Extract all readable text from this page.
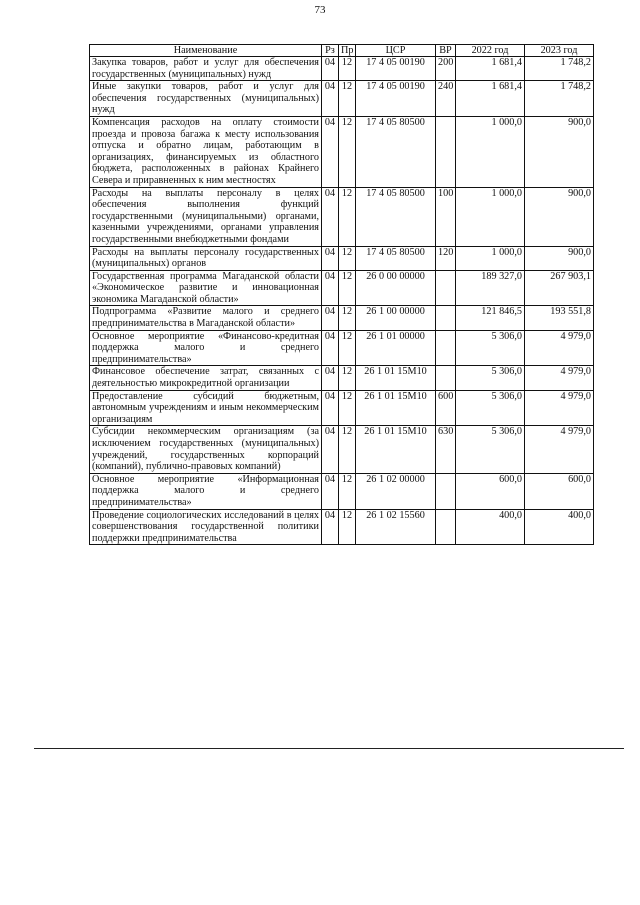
73
Наименование	Рз	Пр	ЦСР	ВР	2022 год	2023 год
Закупка товаров, работ и услуг для обеспечения государственных (муниципальных) нужд	04	12	17 4 05 00190	200	1 681,4	1 748,2
Иные закупки товаров, работ и услуг для обеспечения государственных (муниципальных) нужд	04	12	17 4 05 00190	240	1 681,4	1 748,2
Компенсация расходов на оплату стоимости проезда и провоза багажа к месту использования отпуска и обратно лицам, работающим в организациях, финансируемых из областного бюджета, расположенных в районах Крайнего Севера и приравненных к ним местностях	04	12	17 4 05 80500		1 000,0	900,0
Расходы на выплаты персоналу в целях обеспечения выполнения функций государственными (муниципальными) органами, казенными учреждениями, органами управления государственными внебюджетными фондами	04	12	17 4 05 80500	100	1 000,0	900,0
Расходы на выплаты персоналу государственных (муниципальных) органов	04	12	17 4 05 80500	120	1 000,0	900,0
Государственная программа Магаданской области «Экономическое развитие и инновационная экономика Магаданской области»	04	12	26 0 00 00000		189 327,0	267 903,1
Подпрограмма «Развитие малого и среднего предпринимательства в Магаданской области»	04	12	26 1 00 00000		121 846,5	193 551,8
Основное мероприятие «Финансово-кредитная поддержка малого и среднего предпринимательства»	04	12	26 1 01 00000		5 306,0	4 979,0
Финансовое обеспечение затрат, связанных с деятельностью микрокредитной организации	04	12	26 1 01 15М10		5 306,0	4 979,0
Предоставление субсидий бюджетным, автономным учреждениям и иным некоммерческим организациям	04	12	26 1 01 15М10	600	5 306,0	4 979,0
Субсидии некоммерческим организациям (за исключением государственных (муниципальных) учреждений, государственных корпораций (компаний), публично-правовых компаний)	04	12	26 1 01 15М10	630	5 306,0	4 979,0
Основное мероприятие «Информационная поддержка малого и среднего предпринимательства»	04	12	26 1 02 00000		600,0	600,0
Проведение социологических исследований в целях совершенствования государственной политики поддержки предпринимательства	04	12	26 1 02 15560		400,0	400,0
